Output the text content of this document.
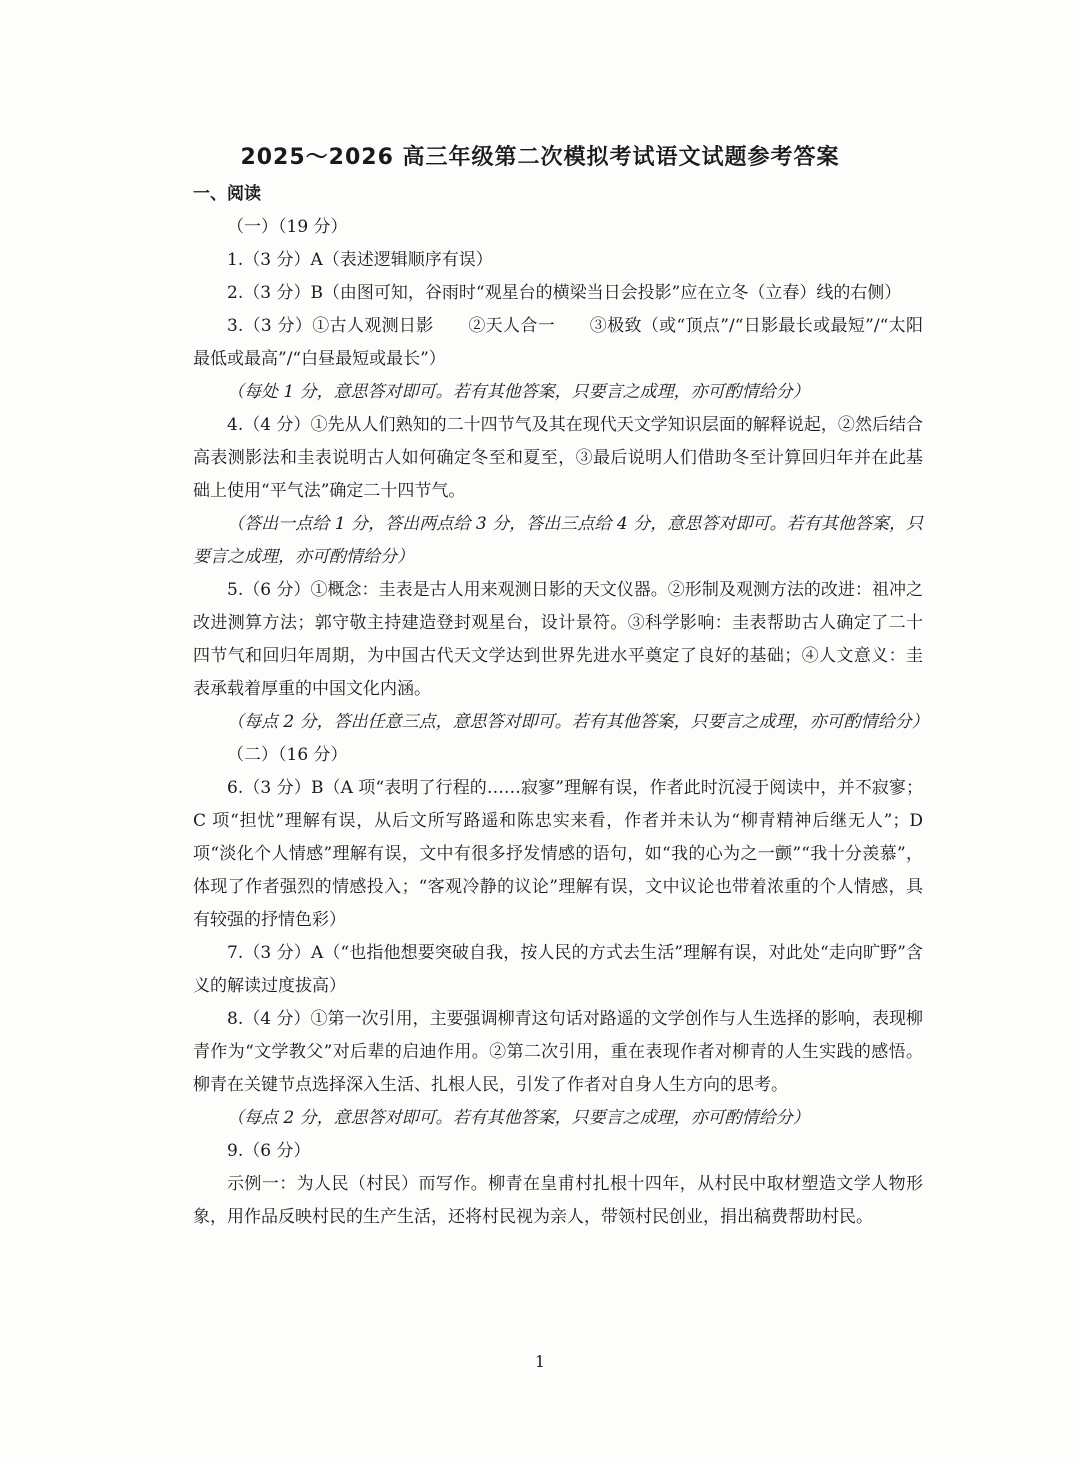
2025～2026 高三年级第二次模拟考试语文试题参考答案
一、阅读
（一）（19 分）
1.（3 分）A（表述逻辑顺序有误）
2.（3 分）B（由图可知，谷雨时“观星台的横梁当日会投影”应在立冬（立春）线的右侧）
3.（3 分）①古人观测日影　　②天人合一　　③极致（或“顶点”/“日影最长或最短”/“太阳最低或最高”/“白昼最短或最长”）
（每处 1 分，意思答对即可。若有其他答案，只要言之成理，亦可酌情给分）
4.（4 分）①先从人们熟知的二十四节气及其在现代天文学知识层面的解释说起，②然后结合高表测影法和圭表说明古人如何确定冬至和夏至，③最后说明人们借助冬至计算回归年并在此基础上使用“平气法”确定二十四节气。
（答出一点给 1 分，答出两点给 3 分，答出三点给 4 分，意思答对即可。若有其他答案，只要言之成理，亦可酌情给分）
5.（6 分）①概念：圭表是古人用来观测日影的天文仪器。②形制及观测方法的改进：祖冲之改进测算方法；郭守敬主持建造登封观星台，设计景符。③科学影响：圭表帮助古人确定了二十四节气和回归年周期，为中国古代天文学达到世界先进水平奠定了良好的基础；④人文意义：圭表承载着厚重的中国文化内涵。
（每点 2 分，答出任意三点，意思答对即可。若有其他答案，只要言之成理，亦可酌情给分）
（二）（16 分）
6.（3 分）B（A 项“表明了行程的……寂寥”理解有误，作者此时沉浸于阅读中，并不寂寥；C 项“担忧”理解有误，从后文所写路遥和陈忠实来看，作者并未认为“柳青精神后继无人”；D 项“淡化个人情感”理解有误，文中有很多抒发情感的语句，如“我的心为之一颤”“我十分羡慕”，体现了作者强烈的情感投入；“客观冷静的议论”理解有误，文中议论也带着浓重的个人情感，具有较强的抒情色彩）
7.（3 分）A（“也指他想要突破自我，按人民的方式去生活”理解有误，对此处“走向旷野”含义的解读过度拔高）
8.（4 分）①第一次引用，主要强调柳青这句话对路遥的文学创作与人生选择的影响，表现柳青作为“文学教父”对后辈的启迪作用。②第二次引用，重在表现作者对柳青的人生实践的感悟。柳青在关键节点选择深入生活、扎根人民，引发了作者对自身人生方向的思考。
（每点 2 分，意思答对即可。若有其他答案，只要言之成理，亦可酌情给分）
9.（6 分）
示例一：为人民（村民）而写作。柳青在皇甫村扎根十四年，从村民中取材塑造文学人物形象，用作品反映村民的生产生活，还将村民视为亲人，带领村民创业，捐出稿费帮助村民。
1
